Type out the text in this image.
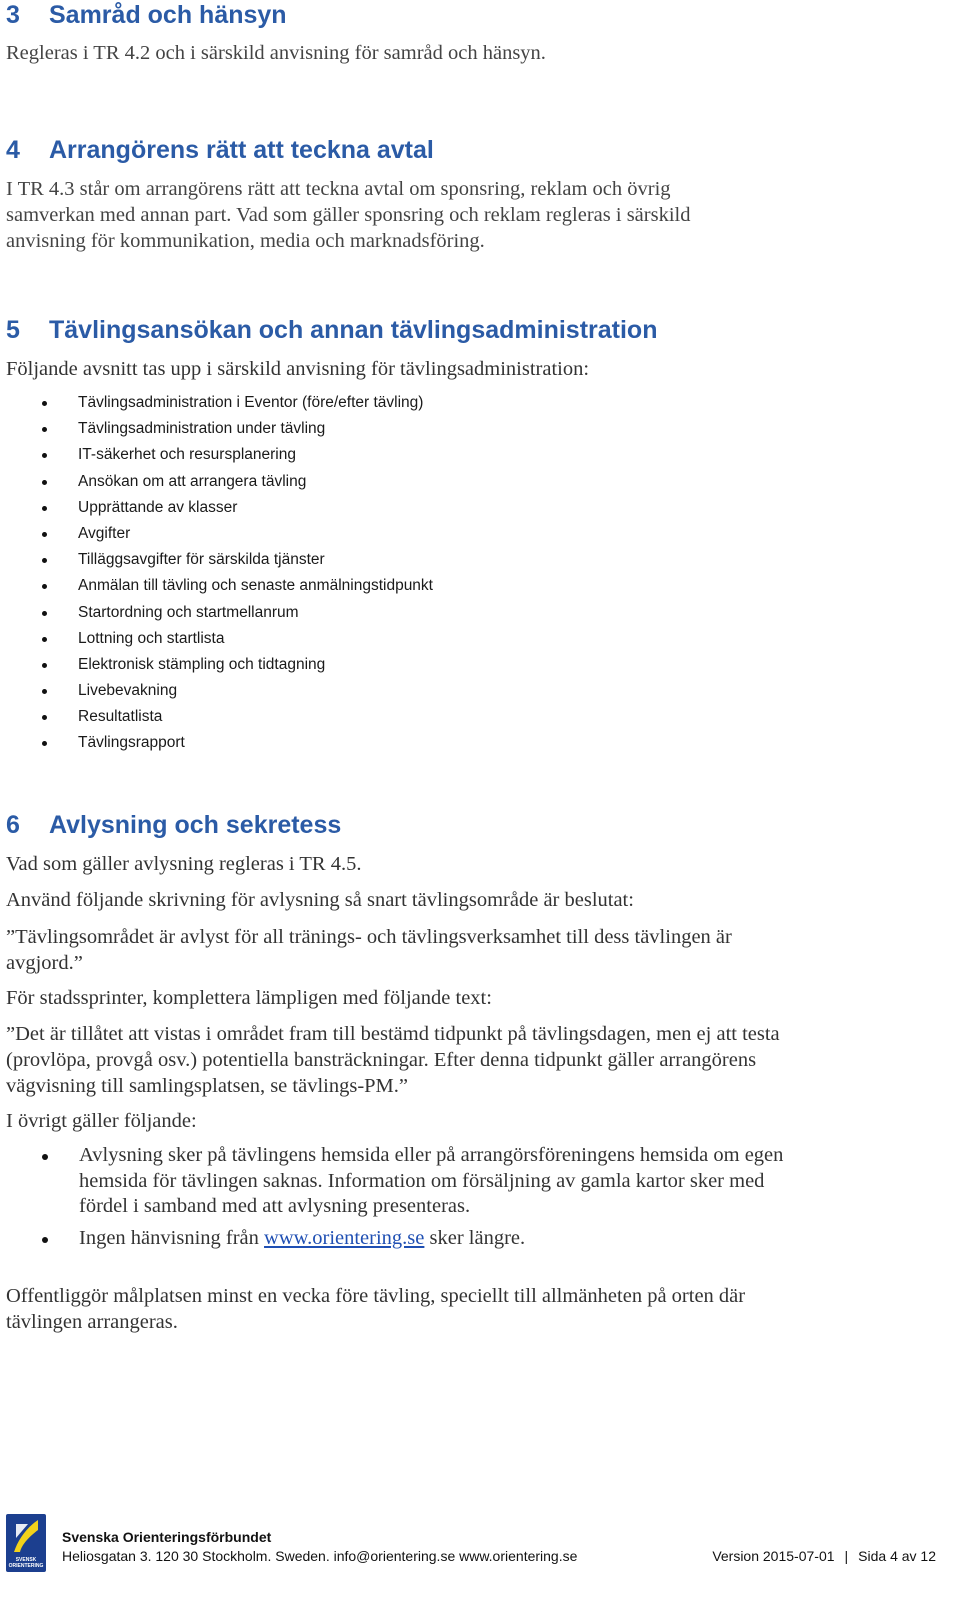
3 Samråd och hänsyn

Regleras i TR 4.2 och i särskild anvisning för samråd och hänsyn.

4 Arrangörens rätt att teckna avtal

I TR 4.3 står om arrangörens rätt att teckna avtal om sponsring, reklam och övrig

samverkan med annan part. Vad som gäller sponsring och reklam regleras i särskild

anvisning för kommunikation, media och marknadsföring.

5 Tävlingsansökan och annan tävlingsadministration

Följande avsnitt tas upp i särskild anvisning för tävlingsadministration:

Tävlingsadministration i Eventor (före/efter tävling)
Tävlingsadministration under tävling
IT-säkerhet och resursplanering
Ansökan om att arrangera tävling
Upprättande av klasser
Avgifter
Tilläggsavgifter för särskilda tjänster
Anmälan till tävling och senaste anmälningstidpunkt
Startordning och startmellanrum
Lottning och startlista
Elektronisk stämpling och tidtagning
Livebevakning
Resultatlista
Tävlingsrapport
6 Avlysning och sekretess

Vad som gäller avlysning regleras i TR 4.5.

Använd följande skrivning för avlysning så snart tävlingsområde är beslutat:

”Tävlingsområdet är avlyst för all tränings- och tävlingsverksamhet till dess tävlingen är avgjord.”

För stadssprinter, komplettera lämpligen med följande text:

”Det är tillåtet att vistas i området fram till bestämd tidpunkt på tävlingsdagen, men ej att testa (provlöpa, provgå osv.) potentiella bansträckningar. Efter denna tidpunkt gäller arrangörens vägvisning till samlingsplatsen, se tävlings-PM.”

I övrigt gäller följande:

Avlysning sker på tävlingens hemsida eller på arrangörsföreningens hemsida om egen hemsida för tävlingen saknas. Information om försäljning av gamla kartor sker med fördel i samband med att avlysning presenteras.
Ingen hänvisning från www.orientering.se sker längre.

Offentliggör målplatsen minst en vecka före tävling, speciellt till allmänheten på orten där tävlingen arrangeras.

SVENSK ORIENTERING
Svenska Orienteringsförbundet
Heliosgatan 3. 120 30 Stockholm. Sweden. info@orientering.se www.orientering.se	Version 2015-07-01 | Sida 4 av 12
